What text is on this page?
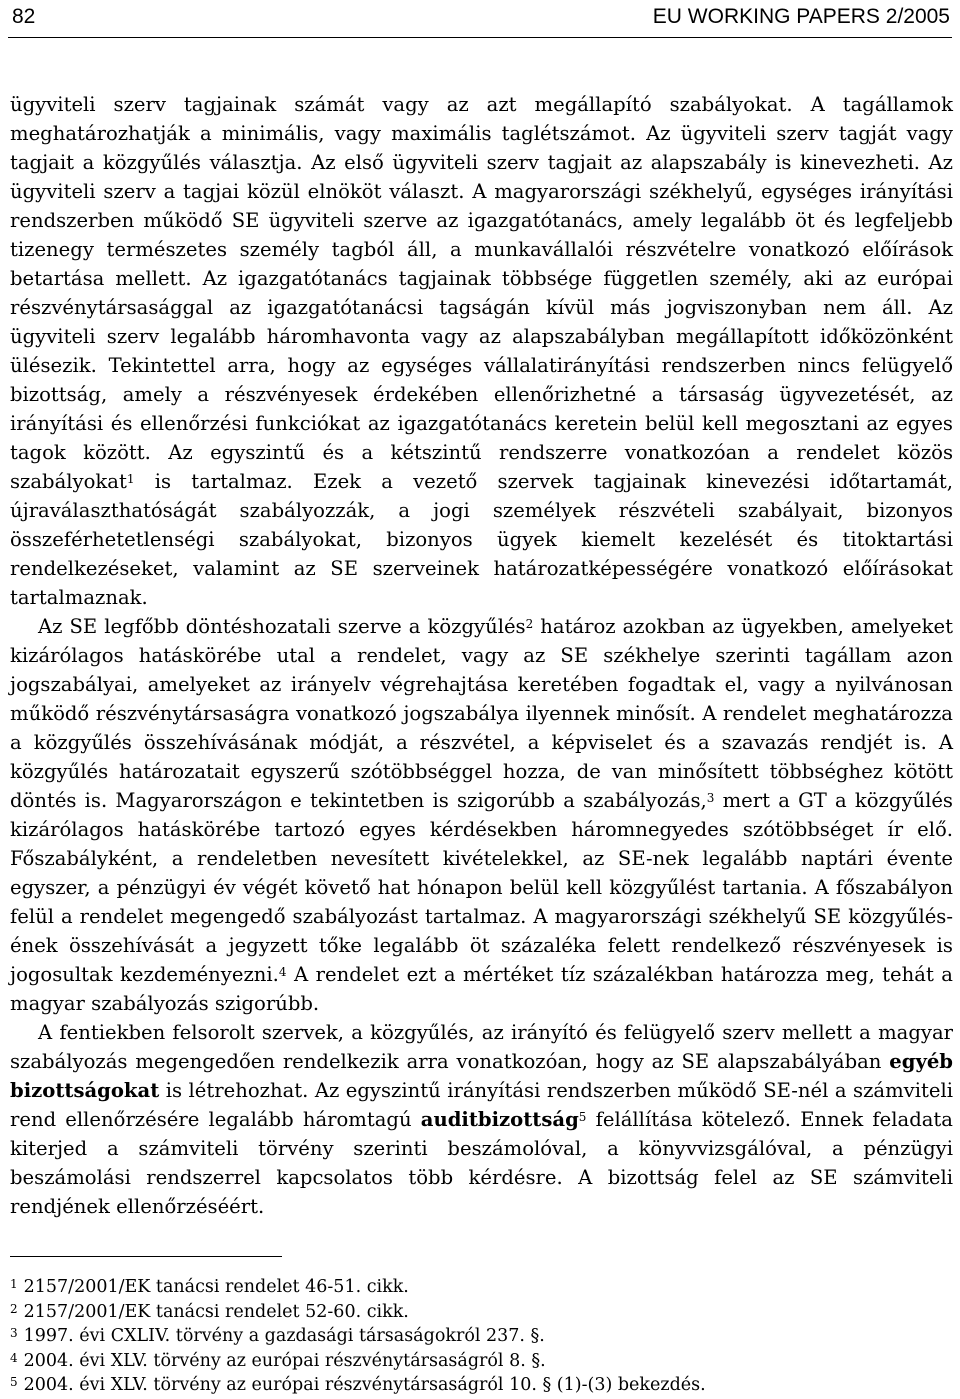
82	EU WORKING PAPERS 2/2005

ügyviteli szerv tagjainak számát vagy az azt megállapító szabályokat. A tagállamok meghatározhatják a minimális, vagy maximális taglétszámot. Az ügyviteli szerv tagját vagy tagjait a közgyűlés választja. Az első ügyviteli szerv tagjait az alapszabály is kinevezheti. Az ügyviteli szerv a tagjai közül elnököt választ. A magyarországi székhelyű, egységes irányítási rendszerben működő SE ügyviteli szerve az igazgatótanács, amely legalább öt és legfeljebb tizenegy természetes személy tagból áll, a munkavállalói részvételre vonatkozó előírások betartása mellett. Az igazgatótanács tagjainak többsége független személy, aki az európai részvénytársasággal az igazgatótanácsi tagságán kívül más jogviszonyban nem áll. Az ügyviteli szerv legalább háromhavonta vagy az alapszabályban megállapított időközönként ülésezik. Tekintettel arra, hogy az egységes vállalatirányítási rendszerben nincs felügyelő bizottság, amely a részvényesek érdekében ellenőrizhetné a társaság ügyvezetését, az irányítási és ellenőrzési funkciókat az igazgatótanács keretein belül kell megosztani az egyes tagok között. Az egyszintű és a kétszintű rendszerre vonatkozóan a rendelet közös szabályokat$^1$ is tartalmaz. Ezek a vezető szervek tagjainak kinevezési időtartamát, újraválaszthatóságát szabályozzák, a jogi személyek részvételi szabályait, bizonyos összeférhetetlenségi szabályokat, bizonyos ügyek kiemelt kezelését és titoktartási rendelkezéseket, valamint az SE szerveinek határozatképességére vonatkozó előírásokat tartalmaznak.

Az SE legfőbb döntéshozatali szerve a közgyűlés$^2$ határoz azokban az ügyekben, amelyeket kizárólagos hatáskörébe utal a rendelet, vagy az SE székhelye szerinti tagállam azon jogszabályai, amelyeket az irányelv végrehajtása keretében fogadtak el, vagy a nyilvánosan működő részvénytársaságra vonatkozó jogszabálya ilyennek minősít. A rendelet meghatározza a közgyűlés összehívásának módját, a részvétel, a képviselet és a szavazás rendjét is. A közgyűlés határozatait egyszerű szótöbbséggel hozza, de van minősített többséghez kötött döntés is. Magyarországon e tekintetben is szigorúbb a szabályozás,$^3$ mert a GT a közgyűlés kizárólagos hatáskörébe tartozó egyes kérdésekben háromnegyedes szótöbbséget ír elő. Főszabályként, a rendeletben nevesített kivételekkel, az SE-nek legalább naptári évente egyszer, a pénzügyi év végét követő hat hónapon belül kell közgyűlést tartania. A főszabályon felül a rendelet megengedő szabályozást tartalmaz. A magyarországi székhelyű SE közgyűlésének összehívását a jegyzett tőke legalább öt százaléka felett rendelkező részvényesek is jogosultak kezdeményezni.$^4$ A rendelet ezt a mértéket tíz százalékban határozza meg, tehát a magyar szabályozás szigorúbb.

A fentiekben felsorolt szervek, a közgyűlés, az irányító és felügyelő szerv mellett a magyar szabályozás megengedően rendelkezik arra vonatkozóan, hogy az SE alapszabályában egyéb bizottságokat is létrehozhat. Az egyszintű irányítási rendszerben működő SE-nél a számviteli rend ellenőrzésére legalább háromtagú auditbizottság$^5$ felállítása kötelező. Ennek feladata kiterjed a számviteli törvény szerinti beszámolóval, a könyvvizsgálóval, a pénzügyi beszámolási rendszerrel kapcsolatos több kérdésre. A bizottság felel az SE számviteli rendjének ellenőrzéséért.

$^1$ 2157/2001/EK tanácsi rendelet 46-51. cikk.
$^2$ 2157/2001/EK tanácsi rendelet 52-60. cikk.
$^3$ 1997. évi CXLIV. törvény a gazdasági társaságokról 237. §.
$^4$ 2004. évi XLV. törvény az európai részvénytársaságról 8. §.
$^5$ 2004. évi XLV. törvény az európai részvénytársaságról 10. § (1)-(3) bekezdés.
